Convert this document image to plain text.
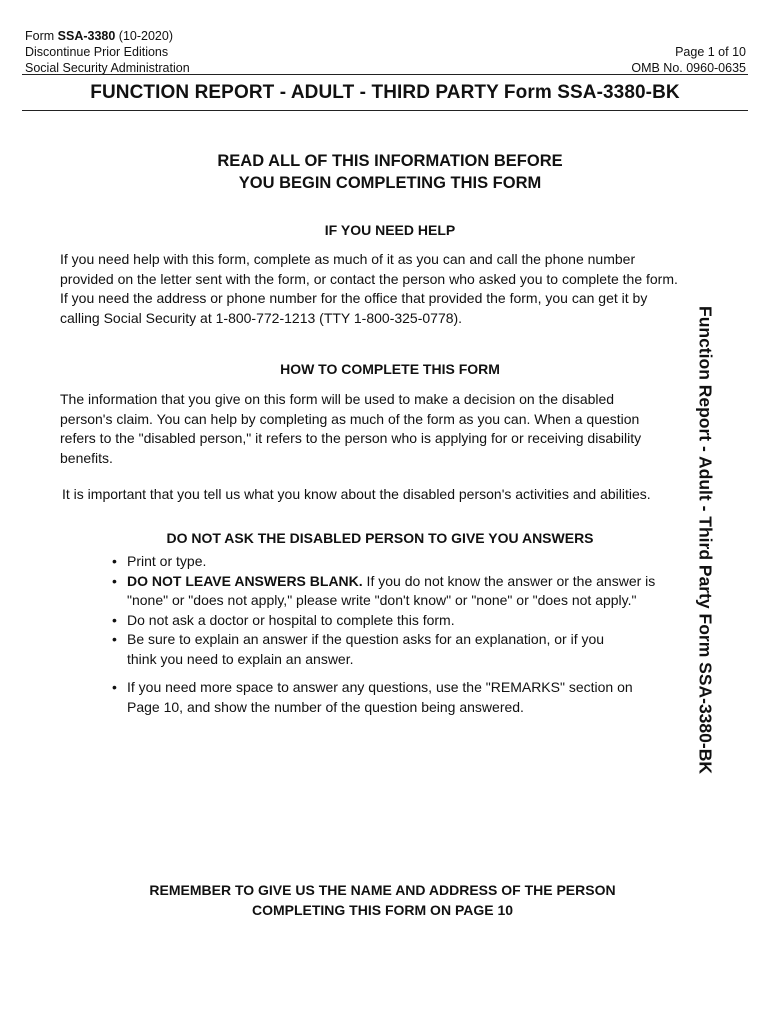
Form SSA-3380 (10-2020)
Discontinue Prior Editions
Social Security Administration
Page 1 of 10
OMB No. 0960-0635
FUNCTION REPORT - ADULT - THIRD PARTY Form SSA-3380-BK
READ ALL OF THIS INFORMATION BEFORE
YOU BEGIN COMPLETING THIS FORM
IF YOU NEED HELP
If you need help with this form, complete as much of it as you can and call the phone number provided on the letter sent with the form, or contact the person who asked you to complete the form. If you need the address or phone number for the office that provided the form, you can get it by calling Social Security at 1-800-772-1213 (TTY 1-800-325-0778).
HOW TO COMPLETE THIS FORM
The information that you give on this form will be used to make a decision on the disabled person's claim. You can help by completing as much of the form as you can. When a question refers to the "disabled person," it refers to the person who is applying for or receiving disability benefits.
It is important that you tell us what you know about the disabled person's activities and abilities.
DO NOT ASK THE DISABLED PERSON TO GIVE YOU ANSWERS
• Print or type.
• DO NOT LEAVE ANSWERS BLANK. If you do not know the answer or the answer is "none" or "does not apply," please write "don't know" or "none" or "does not apply."
• Do not ask a doctor or hospital to complete this form.
• Be sure to explain an answer if the question asks for an explanation, or if you think you need to explain an answer.
• If you need more space to answer any questions, use the "REMARKS" section on Page 10, and show the number of the question being answered.	Function Report - Adult - Third Party Form SSA-3380-BK
REMEMBER TO GIVE US THE NAME AND ADDRESS OF THE PERSON
COMPLETING THIS FORM ON PAGE 10
